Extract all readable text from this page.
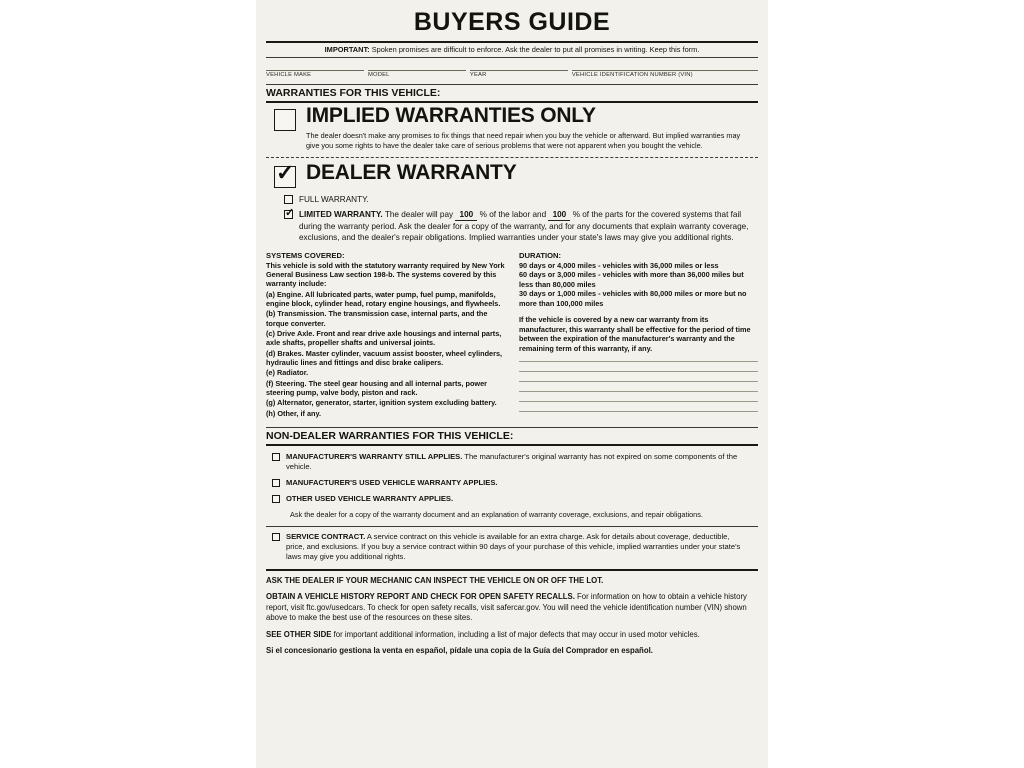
BUYERS GUIDE
IMPORTANT: Spoken promises are difficult to enforce. Ask the dealer to put all promises in writing. Keep this form.
VEHICLE MAKE	MODEL	YEAR	VEHICLE IDENTIFICATION NUMBER (VIN)
WARRANTIES FOR THIS VEHICLE:
IMPLIED WARRANTIES ONLY
The dealer doesn't make any promises to fix things that need repair when you buy the vehicle or afterward. But implied warranties may give you some rights to have the dealer take care of serious problems that were not apparent when you bought the vehicle.
✓ DEALER WARRANTY
FULL WARRANTY.
✓ LIMITED WARRANTY. The dealer will pay 100 % of the labor and 100 % of the parts for the covered systems that fail during the warranty period. Ask the dealer for a copy of the warranty, and for any documents that explain warranty coverage, exclusions, and the dealer's repair obligations. Implied warranties under your state's laws may give you additional rights.
SYSTEMS COVERED:
This vehicle is sold with the statutory warranty required by New York General Business Law section 198-b. The systems covered by this warranty include:
(a) Engine. All lubricated parts, water pump, fuel pump, manifolds, engine block, cylinder head, rotary engine housings, and flywheels.
(b) Transmission. The transmission case, internal parts, and the torque converter.
(c) Drive Axle. Front and rear drive axle housings and internal parts, axle shafts, propeller shafts and universal joints.
(d) Brakes. Master cylinder, vacuum assist booster, wheel cylinders, hydraulic lines and fittings and disc brake calipers.
(e) Radiator.
(f) Steering. The steel gear housing and all internal parts, power steering pump, valve body, piston and rack.
(g) Alternator, generator, starter, ignition system excluding battery.
(h) Other, if any.
DURATION:
90 days or 4,000 miles - vehicles with 36,000 miles or less
60 days or 3,000 miles - vehicles with more than 36,000 miles but less than 80,000 miles
30 days or 1,000 miles - vehicles with 80,000 miles or more but no more than 100,000 miles
If the vehicle is covered by a new car warranty from its manufacturer, this warranty shall be effective for the period of time between the expiration of the manufacturer's warranty and the remaining term of this warranty, if any.
NON-DEALER WARRANTIES FOR THIS VEHICLE:
MANUFACTURER'S WARRANTY STILL APPLIES. The manufacturer's original warranty has not expired on some components of the vehicle.
MANUFACTURER'S USED VEHICLE WARRANTY APPLIES.
OTHER USED VEHICLE WARRANTY APPLIES.
Ask the dealer for a copy of the warranty document and an explanation of warranty coverage, exclusions, and repair obligations.
SERVICE CONTRACT. A service contract on this vehicle is available for an extra charge. Ask for details about coverage, deductible, price, and exclusions. If you buy a service contract within 90 days of your purchase of this vehicle, implied warranties under your state's laws may give you additional rights.

ASK THE DEALER IF YOUR MECHANIC CAN INSPECT THE VEHICLE ON OR OFF THE LOT.

OBTAIN A VEHICLE HISTORY REPORT AND CHECK FOR OPEN SAFETY RECALLS. For information on how to obtain a vehicle history report, visit ftc.gov/usedcars. To check for open safety recalls, visit safercar.gov. You will need the vehicle identification number (VIN) shown above to make the best use of the resources on these sites.

SEE OTHER SIDE for important additional information, including a list of major defects that may occur in used motor vehicles.

Si el concesionario gestiona la venta en español, pídale una copia de la Guía del Comprador en español.
